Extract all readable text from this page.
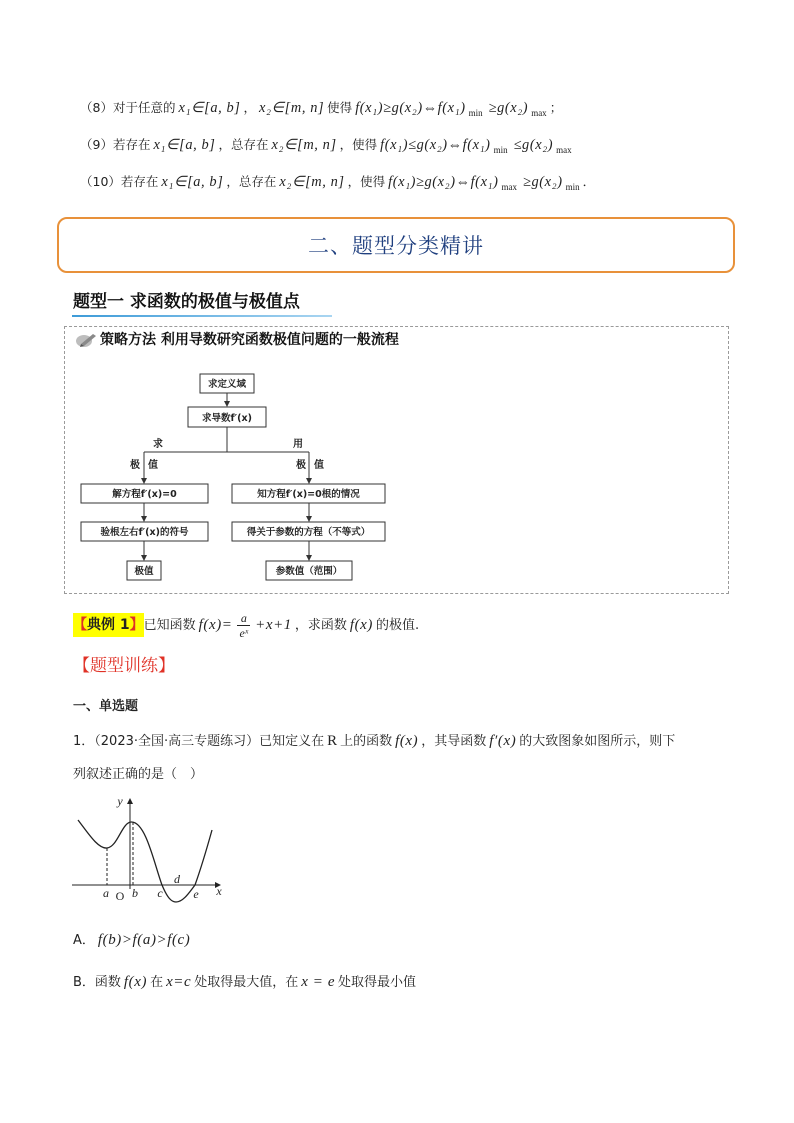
（8）对于任意的 x₁∈[a, b] ， x₂∈[m, n] 使得 f(x₁)≥g(x₂)⇔f(x₁) $_{min}$ ≥g(x₂) $_{max}$ ；
（9）若存在 x₁∈[a, b] ，总存在 x₂∈[m, n] ，使得 f(x₁)≤g(x₂)⇔f(x₁) $_{min}$ ≤g(x₂) $_{max}$
（10）若存在 x₁∈[a, b] ，总存在 x₂∈[m, n] ，使得 f(x₁)≥g(x₂)⇔f(x₁) $_{max}$ ≥g(x₂) $_{min}$ ．
二、题型分类精讲
题型一 求函数的极值与极值点
策略方法 利用导数研究函数极值问题的一般流程
求定义域
求导数f′(x)
求
极 值
用
极 值
解方程f′(x)=0	知方程f′(x)=0根的情况
验根左右f′(x)的符号	得关于参数的方程（不等式）
极值	参数值（范围）
【典例 1】 已知函数 $f(x)= \frac{a}{\text{eˣ}} +x+1$ ，求函数 f(x) 的极值.
【题型训练】
一、单选题
1．（2023·全国·高三专题练习）已知定义在 R 上的函数 f(x) ，其导函数 f′(x) 的大致图象如图所示，则下
列叙述正确的是（　）
y
x
a O b c
d
e
A． f(b)>f(a)>f(c)
B．函数 f(x) 在 x=c 处取得最大值，在 x = e 处取得最小值
